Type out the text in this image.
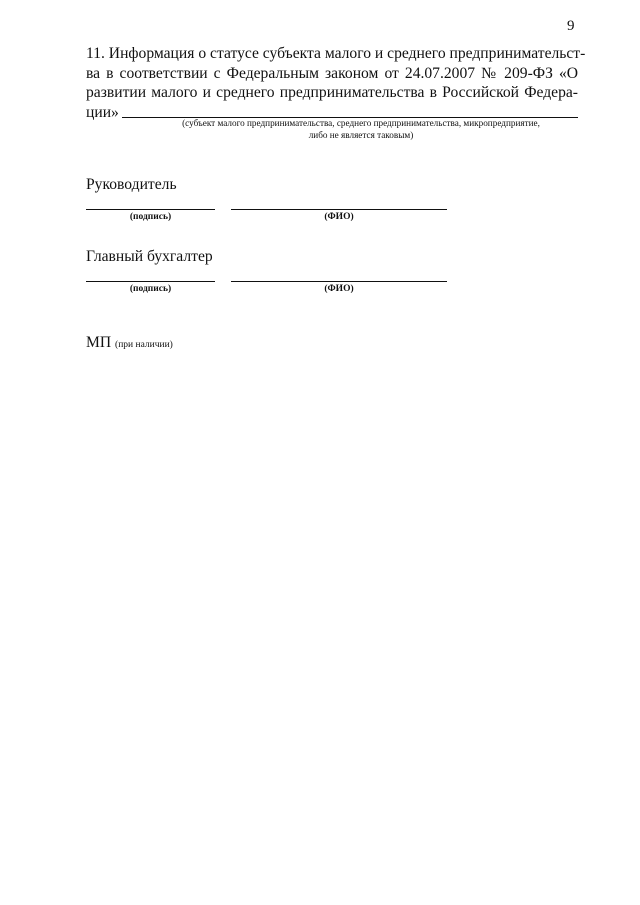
9
11. Информация о статусе субъекта малого и среднего предпринимательст-
ва в соответствии с Федеральным законом от 24.07.2007 № 209-ФЗ «О
развитии малого и среднего предпринимательства в Российской Федера-
ции»
(субъект малого предпринимательства, среднего предпринимательства, микропредприятие,
либо не является таковым)
Руководитель
(подпись)	(ФИО)
Главный бухгалтер
(подпись)	(ФИО)
МП (при наличии)
